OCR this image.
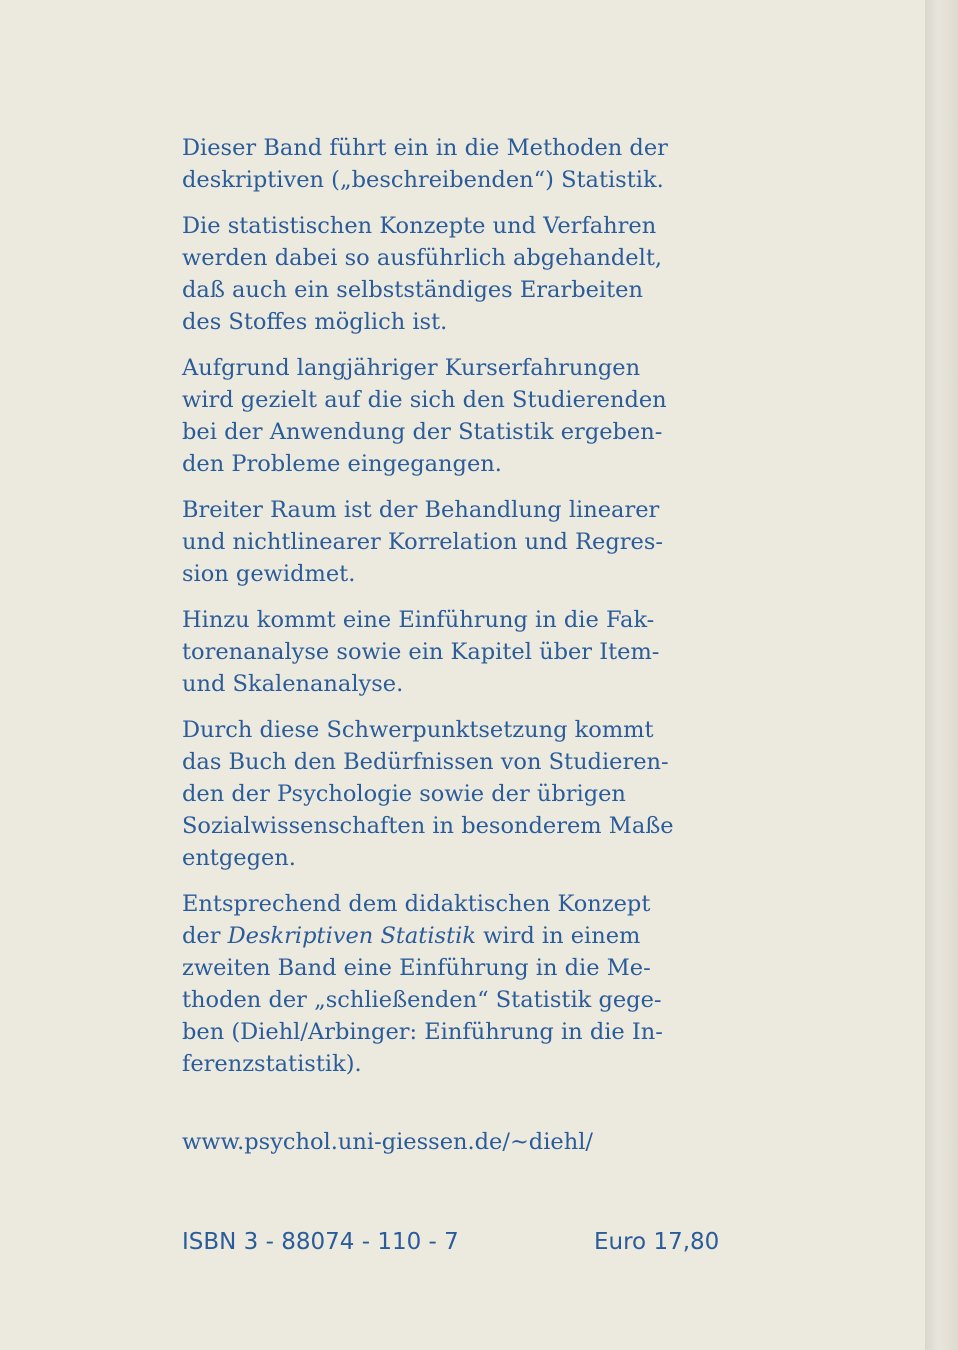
Dieser Band führt ein in die Methoden der
deskriptiven („beschreibenden“) Statistik.

Die statistischen Konzepte und Verfahren
werden dabei so ausführlich abgehandelt,
daß auch ein selbstständiges Erarbeiten
des Stoffes möglich ist.

Aufgrund langjähriger Kurserfahrungen
wird gezielt auf die sich den Studierenden
bei der Anwendung der Statistik ergeben-
den Probleme eingegangen.

Breiter Raum ist der Behandlung linearer
und nichtlinearer Korrelation und Regres-
sion gewidmet.

Hinzu kommt eine Einführung in die Fak-
torenanalyse sowie ein Kapitel über Item-
und Skalenanalyse.

Durch diese Schwerpunktsetzung kommt
das Buch den Bedürfnissen von Studieren-
den der Psychologie sowie der übrigen
Sozialwissenschaften in besonderem Maße
entgegen.

Entsprechend dem didaktischen Konzept
der Deskriptiven Statistik wird in einem
zweiten Band eine Einführung in die Me-
thoden der „schließenden“ Statistik gege-
ben (Diehl/Arbinger: Einführung in die In-
ferenzstatistik).

www.psychol.uni-giessen.de/~diehl/
ISBN 3 - 88074 - 110 - 7	Euro 17,80
